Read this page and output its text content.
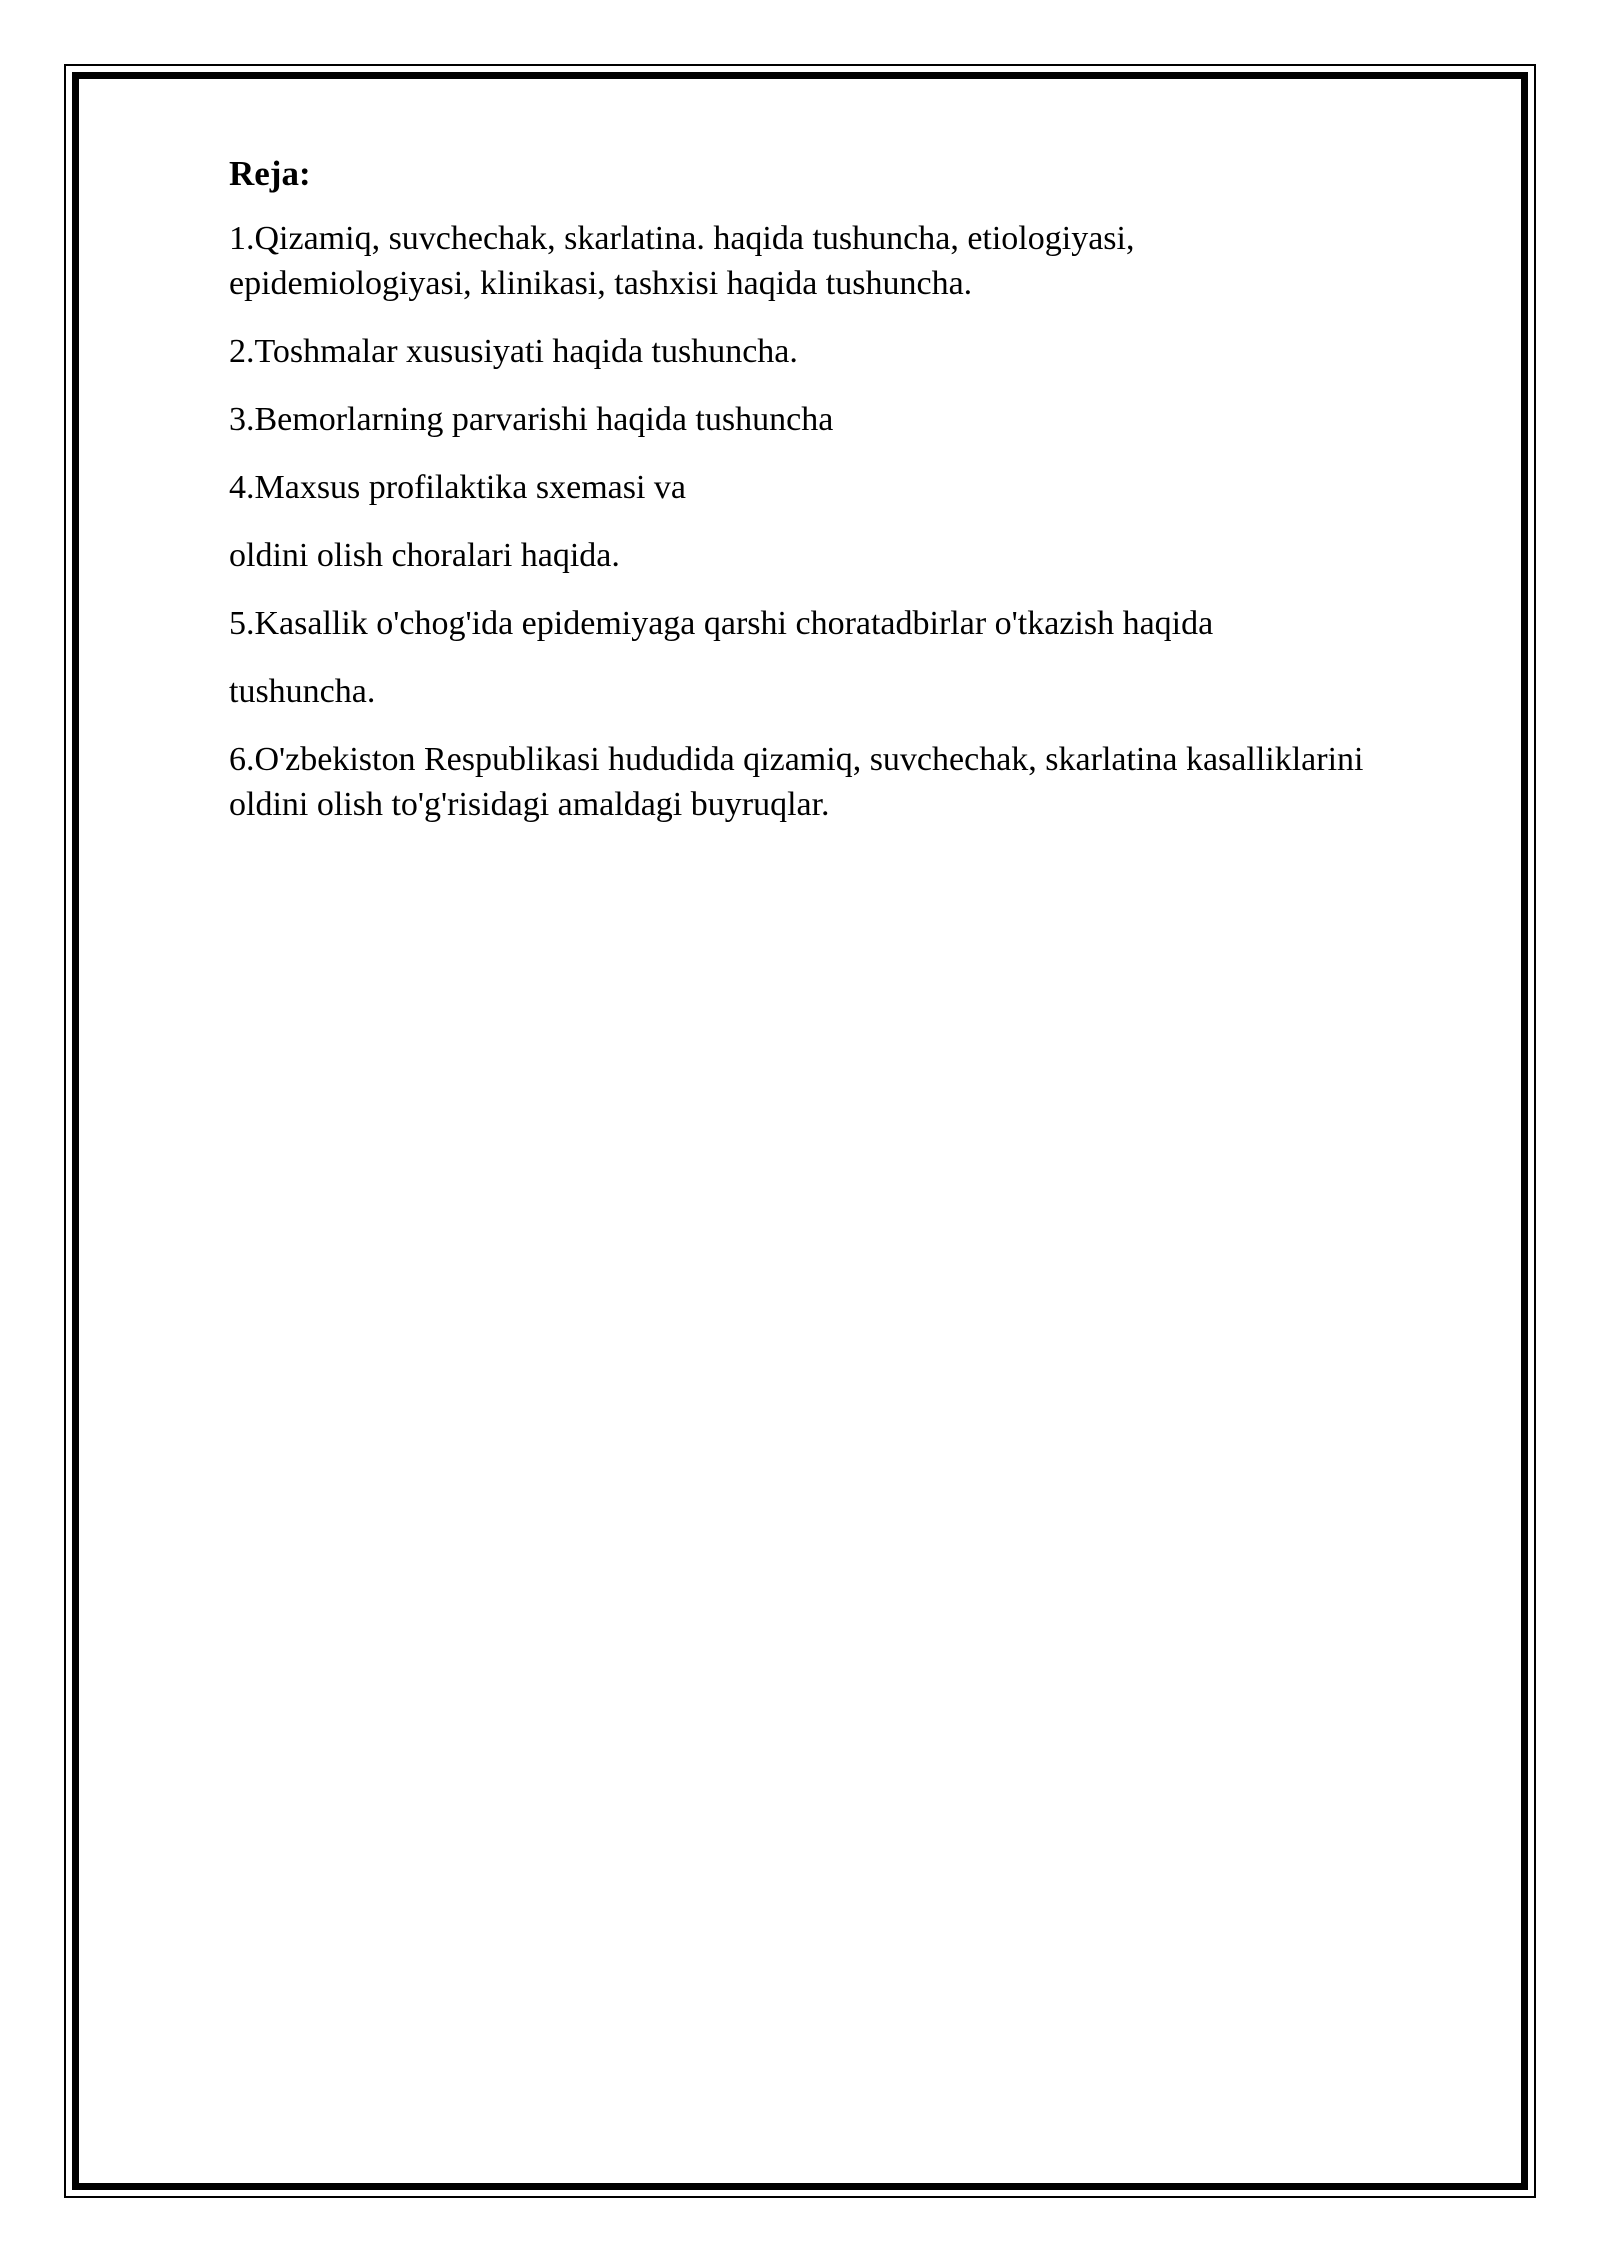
Reja:
1.Qizamiq, suvchechak, skarlatina. haqida tushuncha, etiologiyasi,
epidemiologiyasi, klinikasi, tashxisi haqida tushuncha.
2.Toshmalar xususiyati haqida tushuncha.
3.Bemorlarning parvarishi haqida tushuncha
4.Maxsus profilaktika sxemasi va
oldini olish choralari haqida.
5.Kasallik o'chog'ida epidemiyaga qarshi choratadbirlar o'tkazish haqida
tushuncha.
6.O'zbekiston Respublikasi hududida qizamiq, suvchechak, skarlatina kasalliklarini
oldini olish to'g'risidagi amaldagi buyruqlar.
